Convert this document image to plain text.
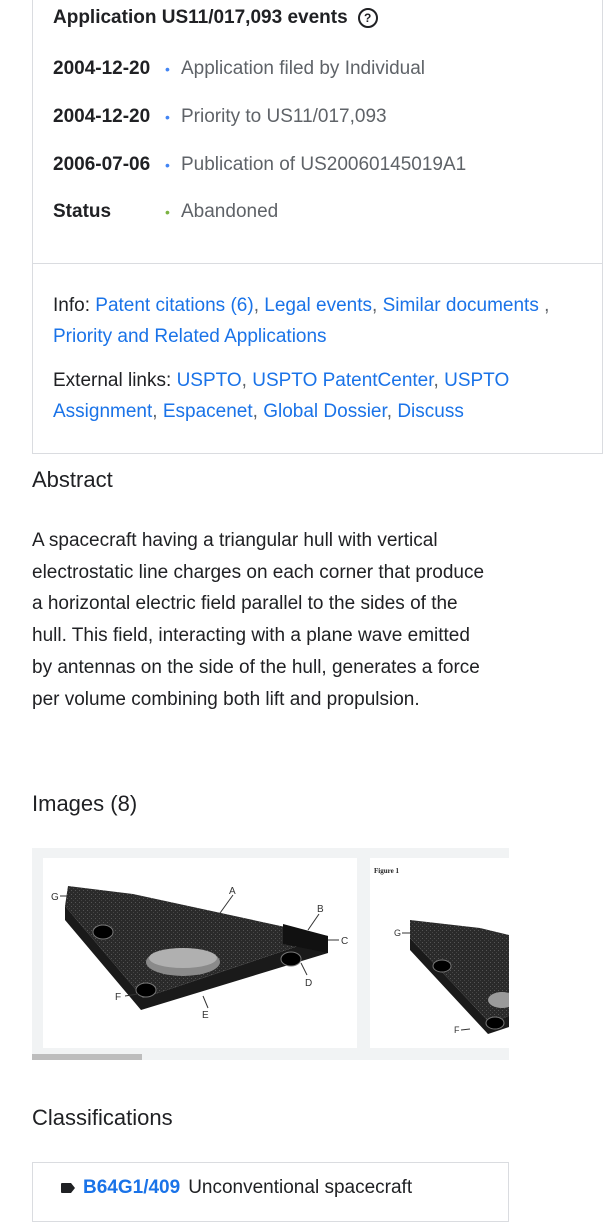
Application US11/017,093 events	?
2004-12-20	• Application filed by Individual
2004-12-20	• Priority to US11/017,093
2006-07-06	• Publication of US20060145019A1
Status	• Abandoned
Info: Patent citations (6), Legal events, Similar documents , Priority and Related Applications
External links: USPTO, USPTO PatentCenter, USPTO Assignment, Espacenet, Global Dossier, Discuss
Abstract
A spacecraft having a triangular hull with vertical electrostatic line charges on each corner that produce a horizontal electric field parallel to the sides of the hull. This field, interacting with a plane wave emitted by antennas on the side of the hull, generates a force per volume combining both lift and propulsion.
Images (8)
A
B
C
D
E
F
G
Figure 1
G
F
Classifications
B64G1/409 Unconventional spacecraft
